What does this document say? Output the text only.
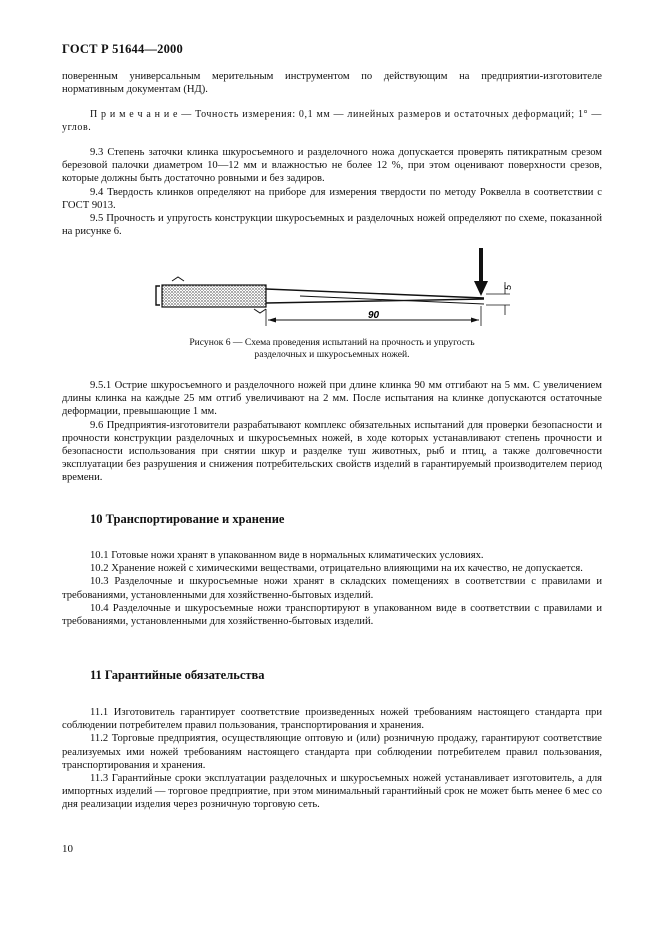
ГОСТ Р 51644—2000

поверенным универсальным мерительным инструментом по действующим на предприятии-изготовителе нормативным документам (НД).

П р и м е ч а н и е — Точность измерения: 0,1 мм — линейных размеров и остаточных деформаций; 1° — углов.

9.3 Степень заточки клинка шкуросъемного и разделочного ножа допускается проверять пятикратным срезом березовой палочки диаметром 10—12 мм и влажностью не более 12 %, при этом оценивают поверхности срезов, которые должны быть достаточно ровными и без задиров.

9.4 Твердость клинков определяют на приборе для измерения твердости по методу Роквелла в соответствии с ГОСТ 9013.

9.5 Прочность и упругость конструкции шкуросъемных и разделочных ножей определяют по схеме, показанной на рисунке 6.

5
90
Рисунок 6 — Схема проведения испытаний на прочность и упругость
разделочных и шкуросъемных ножей.

9.5.1 Острие шкуросъемного и разделочного ножей при длине клинка 90 мм отгибают на 5 мм. С увеличением длины клинка на каждые 25 мм отгиб увеличивают на 2 мм. После испытания на клинке допускаются остаточные деформации, превышающие 1 мм.

9.6 Предприятия-изготовители разрабатывают комплекс обязательных испытаний для проверки безопасности и прочности конструкции разделочных и шкуросъемных ножей, в ходе которых устанавливают степень прочности и безопасности использования при снятии шкур и разделке туш животных, рыб и птиц, а также долговечности эксплуатации без разрушения и снижения потребительских свойств изделий в гарантируемый производителем период времени.

10 Транспортирование и хранение

10.1 Готовые ножи хранят в упакованном виде в нормальных климатических условиях.

10.2 Хранение ножей с химическими веществами, отрицательно влияющими на их качество, не допускается.

10.3 Разделочные и шкуросъемные ножи хранят в складских помещениях в соответствии с правилами и требованиями, установленными для хозяйственно-бытовых изделий.

10.4 Разделочные и шкуросъемные ножи транспортируют в упакованном виде в соответствии с правилами и требованиями, установленными для хозяйственно-бытовых изделий.

11 Гарантийные обязательства

11.1 Изготовитель гарантирует соответствие произведенных ножей требованиям настоящего стандарта при соблюдении потребителем правил пользования, транспортирования и хранения.

11.2 Торговые предприятия, осуществляющие оптовую и (или) розничную продажу, гарантируют соответствие реализуемых ими ножей требованиям настоящего стандарта при соблюдении потребителем правил пользования, транспортирования и хранения.

11.3 Гарантийные сроки эксплуатации разделочных и шкуросъемных ножей устанавливает изготовитель, а для импортных изделий — торговое предприятие, при этом минимальный гарантийный срок не может быть менее 6 мес со дня реализации изделия через розничную торговую сеть.

10
